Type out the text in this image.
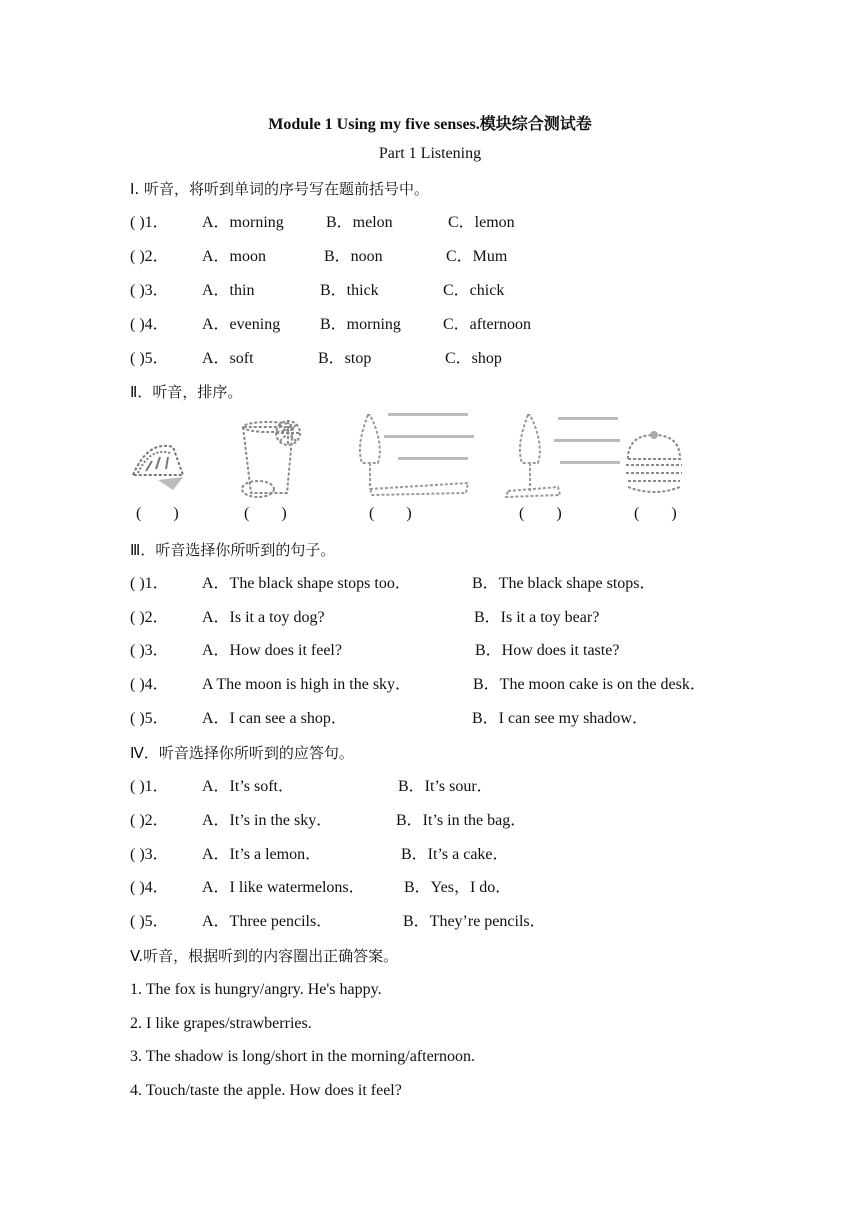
Module 1 Using my five senses.模块综合测试卷
Part 1 Listening
I. 听音，将听到单词的序号写在题前括号中。
( )1． A．morning	B．melon	C．lemon
( )2． A．moon	B．noon	C．Mum
( )3． A．thin	B．thick	C．chick
( )4． A．evening B．morning	C．afternoon
( )5． A．soft	B．stop	C．shop
Ⅱ．听音，排序。
(        )	(        )	(        )	(        )	(        )
Ⅲ．听音选择你所听到的句子。
( )1． A．The black shape stops too．	B．The black shape stops．
( )2． A．Is it a toy dog?	B．Is it a toy bear?
( )3． A．How does it feel?	B．How does it taste?
( )4． A The moon is high in the sky．	B．The moon cake is on the desk．
( )5． A．I can see a shop．	B．I can see my shadow．
Ⅳ．听音选择你所听到的应答句。
( )1． A．It’s soft．	B．It’s sour．
( )2． A．It’s in the sky．	B．It’s in the bag．
( )3． A．It’s a lemon．	B．It’s a cake．
( )4． A．I like watermelons． B．Yes，I do．
( )5． A．Three pencils．	B．They’re pencils．
V.听音，根据听到的内容圈出正确答案。
1. The fox is hungry/angry. He's happy.
2. I like grapes/strawberries.
3. The shadow is long/short in the morning/afternoon.
4. Touch/taste the apple. How does it feel?
